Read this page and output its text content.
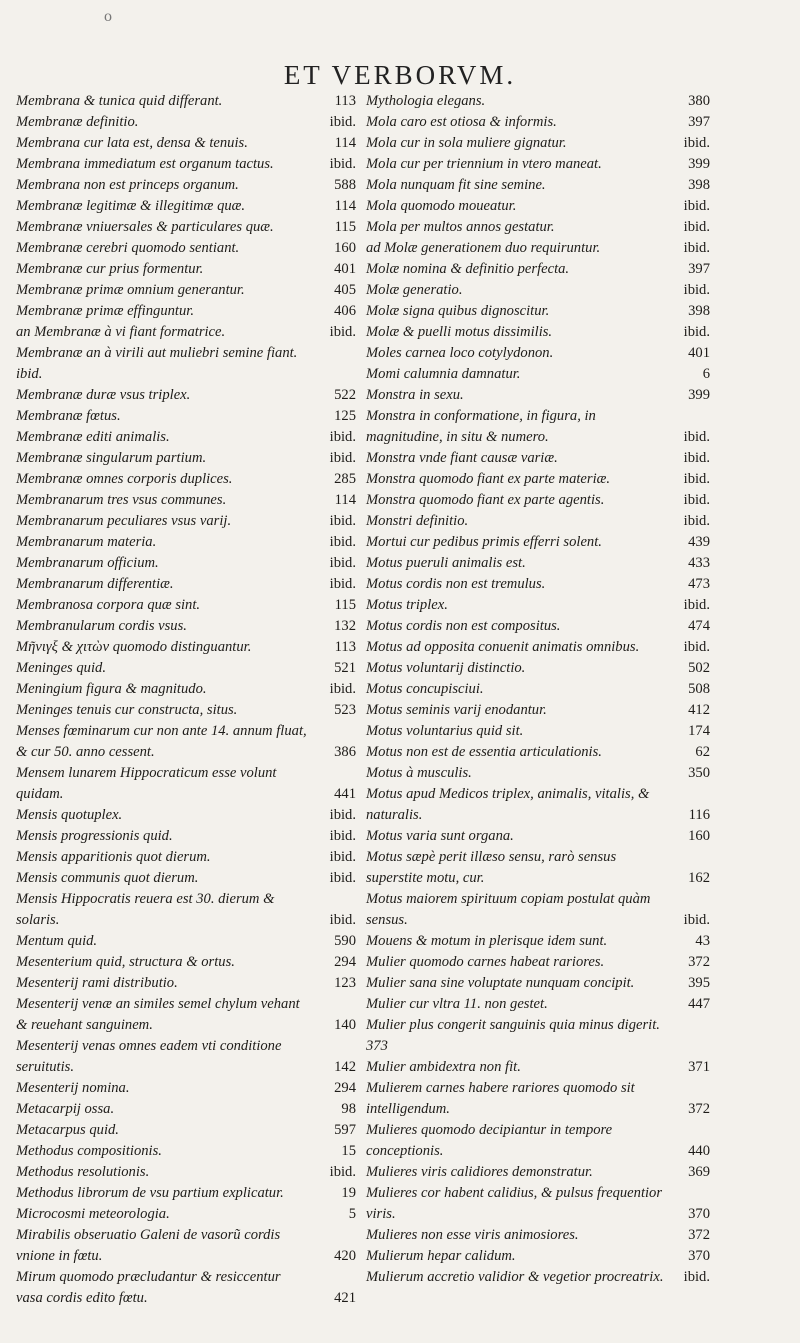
o
ET VERBORVM.
Membrana & tunica quid differant.	113
Membranæ definitio.	ibid.
Membrana cur lata est, densa & tenuis.	114
Membrana immediatum est organum tactus.	ibid.
Membrana non est princeps organum.	588
Membranæ legitimæ & illegitimæ quæ.	114
Membranæ vniuersales & particulares quæ.	115
Membranæ cerebri quomodo sentiant.	160
Membranæ cur prius formentur.	401
Membranæ primæ omnium generantur.	405
Membranæ primæ effinguntur.	406
an Membranæ à vi fiant formatrice.	ibid.
Membranæ an à virili aut muliebri semine fiant. ibid.
Membranæ duræ vsus triplex.	522
Membranæ fœtus.	125
Membranæ editi animalis.	ibid.
Membranæ singularum partium.	ibid.
Membranæ omnes corporis duplices.	285
Membranarum tres vsus communes.	114
Membranarum peculiares vsus varij.	ibid.
Membranarum materia.	ibid.
Membranarum officium.	ibid.
Membranarum differentiæ.	ibid.
Membranosa corpora quæ sint.	115
Membranularum cordis vsus.	132
Μῆνιγξ & χιτὼν quomodo distinguantur.	113
Meninges quid.	521
Meningium figura & magnitudo.	ibid.
Meninges tenuis cur constructa, situs.	523
Menses fœminarum cur non ante 14. annum fluat, & cur 50. anno cessent.	386
Mensem lunarem Hippocraticum esse volunt quidam.	441
Mensis quotuplex.	ibid.
Mensis progressionis quid.	ibid.
Mensis apparitionis quot dierum.	ibid.
Mensis communis quot dierum.	ibid.
Mensis Hippocratis reuera est 30. dierum & solaris.	ibid.
Mentum quid.	590
Mesenterium quid, structura & ortus.	294
Mesenterij rami distributio.	123
Mesenterij venæ an similes semel chylum vehant & reuehant sanguinem.	140
Mesenterij venas omnes eadem vti conditione seruitutis.	142
Mesenterij nomina.	294
Metacarpij ossa.	98
Metacarpus quid.	597
Methodus compositionis.	15
Methodus resolutionis.	ibid.
Methodus librorum de vsu partium explicatur.	19
Microcosmi meteorologia.	5
Mirabilis obseruatio Galeni de vasorũ cordis vnione in fœtu.	420
Mirum quomodo præcludantur & resiccentur vasa cordis edito fœtu.	421
Mythologia elegans.	380
Mola caro est otiosa & informis.	397
Mola cur in sola muliere gignatur.	ibid.
Mola cur per triennium in vtero maneat.	399
Mola nunquam fit sine semine.	398
Mola quomodo moueatur.	ibid.
Mola per multos annos gestatur.	ibid.
ad Molæ generationem duo requiruntur.	ibid.
Molæ nomina & definitio perfecta.	397
Molæ generatio.	ibid.
Molæ signa quibus dignoscitur.	398
Molæ & puelli motus dissimilis.	ibid.
Moles carnea loco cotylydonon.	401
Momi calumnia damnatur.	6
Monstra in sexu.	399
Monstra in conformatione, in figura, in magnitudine, in situ & numero.	ibid.
Monstra vnde fiant causæ variæ.	ibid.
Monstra quomodo fiant ex parte materiæ.	ibid.
Monstra quomodo fiant ex parte agentis.	ibid.
Monstri definitio.	ibid.
Mortui cur pedibus primis efferri solent.	439
Motus pueruli animalis est.	433
Motus cordis non est tremulus.	473
Motus triplex.	ibid.
Motus cordis non est compositus.	474
Motus ad opposita conuenit animatis omnibus.	ibid.
Motus voluntarij distinctio.	502
Motus concupisciui.	508
Motus seminis varij enodantur.	412
Motus voluntarius quid sit.	174
Motus non est de essentia articulationis.	62
Motus à musculis.	350
Motus apud Medicos triplex, animalis, vitalis, & naturalis.	116
Motus varia sunt organa.	160
Motus sæpè perit illæso sensu, rarò sensus superstite motu, cur.	162
Motus maiorem spirituum copiam postulat quàm sensus.	ibid.
Mouens & motum in plerisque idem sunt.	43
Mulier quomodo carnes habeat rariores.	372
Mulier sana sine voluptate nunquam concipit.	395
Mulier cur vltra 11. non gestet.	447
Mulier plus congerit sanguinis quia minus digerit. 373
Mulier ambidextra non fit.	371
Mulierem carnes habere rariores quomodo sit intelligendum.	372
Mulieres quomodo decipiantur in tempore conceptionis.	440
Mulieres viris calidiores demonstratur.	369
Mulieres cor habent calidius, & pulsus frequentior viris.	370
Mulieres non esse viris animosiores.	372
Mulierum hepar calidum.	370
Mulierum accretio validior & vegetior procreatrix. ibid.
